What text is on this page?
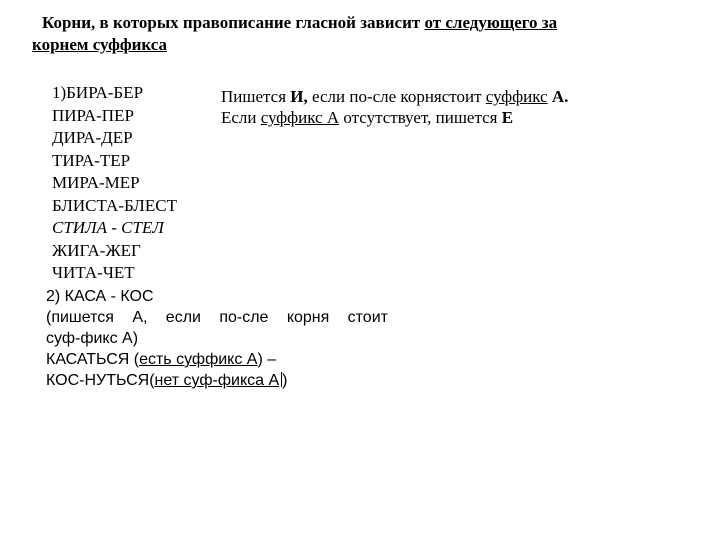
Корни, в которых правописание гласной зависит от следующего за
корнем суффикса
1)БИРА-БЕР
ПИРА-ПЕР
ДИРА-ДЕР
ТИРА-ТЕР
МИРА-МЕР
БЛИСТА-БЛЕСТ
СТИЛА - СТЕЛ
ЖИГА-ЖЕГ
ЧИТА-ЧЕТ
Пишется И, если по-сле корнястоит суффикс А.
Если суффикс А отсутствует, пишется Е
2) КАСА - КОС
(пишется А, если по-сле корня стоит
суф-фикс А)
КАСАТЬСЯ (есть суффикс А) –
КОС-НУТЬСЯ(нет суф-фикса А )
